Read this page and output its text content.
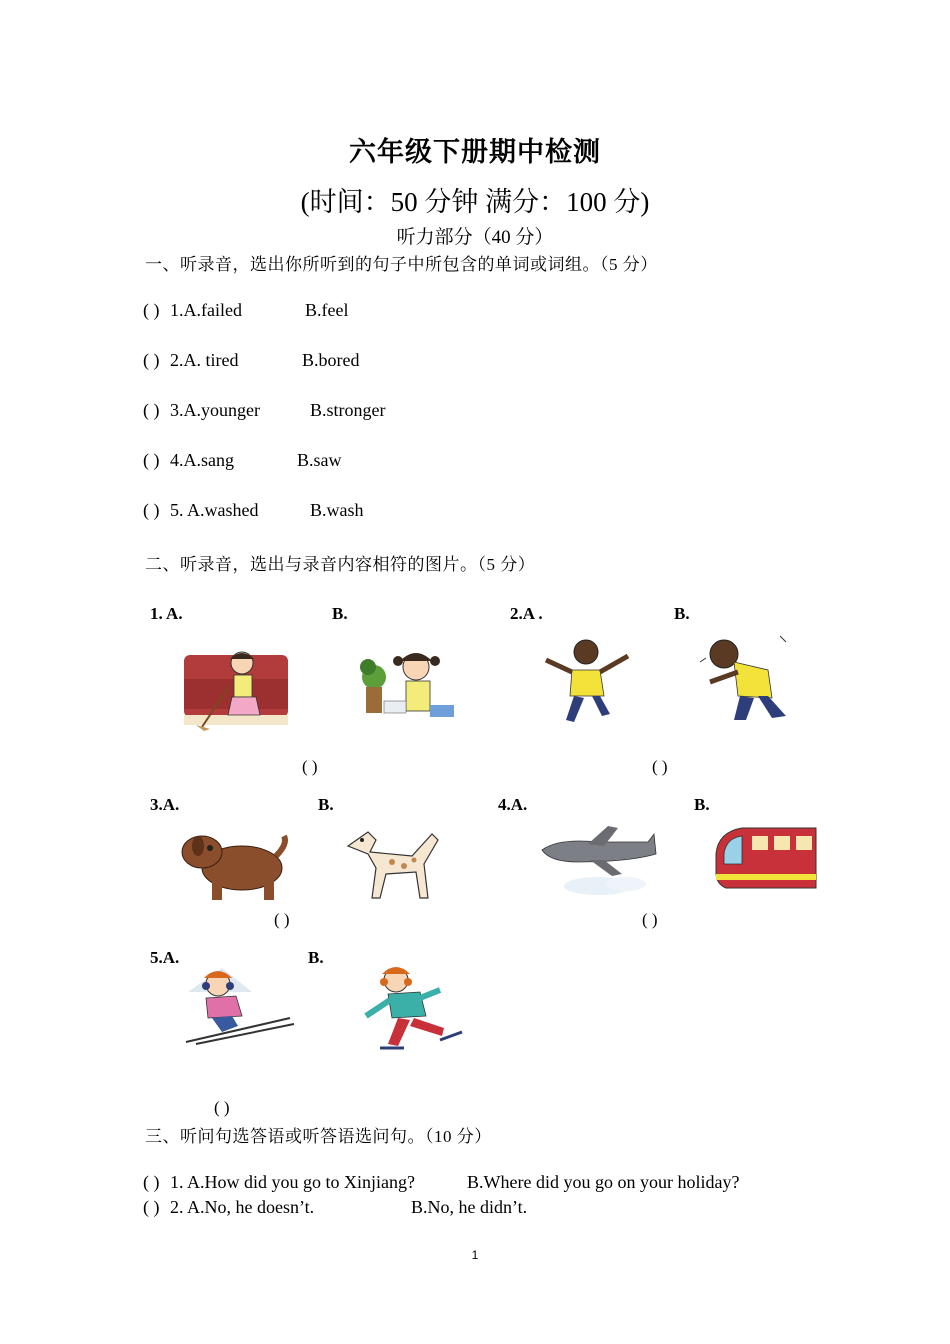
六年级下册期中检测
(时间：50 分钟 满分：100 分)
听力部分（40 分）
一、听录音，选出你所听到的句子中所包含的单词或词组。（5 分）
( ) 1.A.failed	B.feel
( ) 2.A. tired	B.bored
( ) 3.A.younger	B.stronger
( ) 4.A.sang	B.saw
( ) 5. A.washed	B.wash
二、听录音，选出与录音内容相符的图片。（5 分）
1. A.	B.	2.A .	B.
( )	( )
3.A.	B.	4.A.	B.
( )	( )
5.A.	B.
( )
三、听问句选答语或听答语选问句。（10 分）
( ) 1. A.How did you go to Xinjiang?	B.Where did you go on your holiday?
( ) 2. A.No, he doesn’t.	B.No, he didn’t.
1
